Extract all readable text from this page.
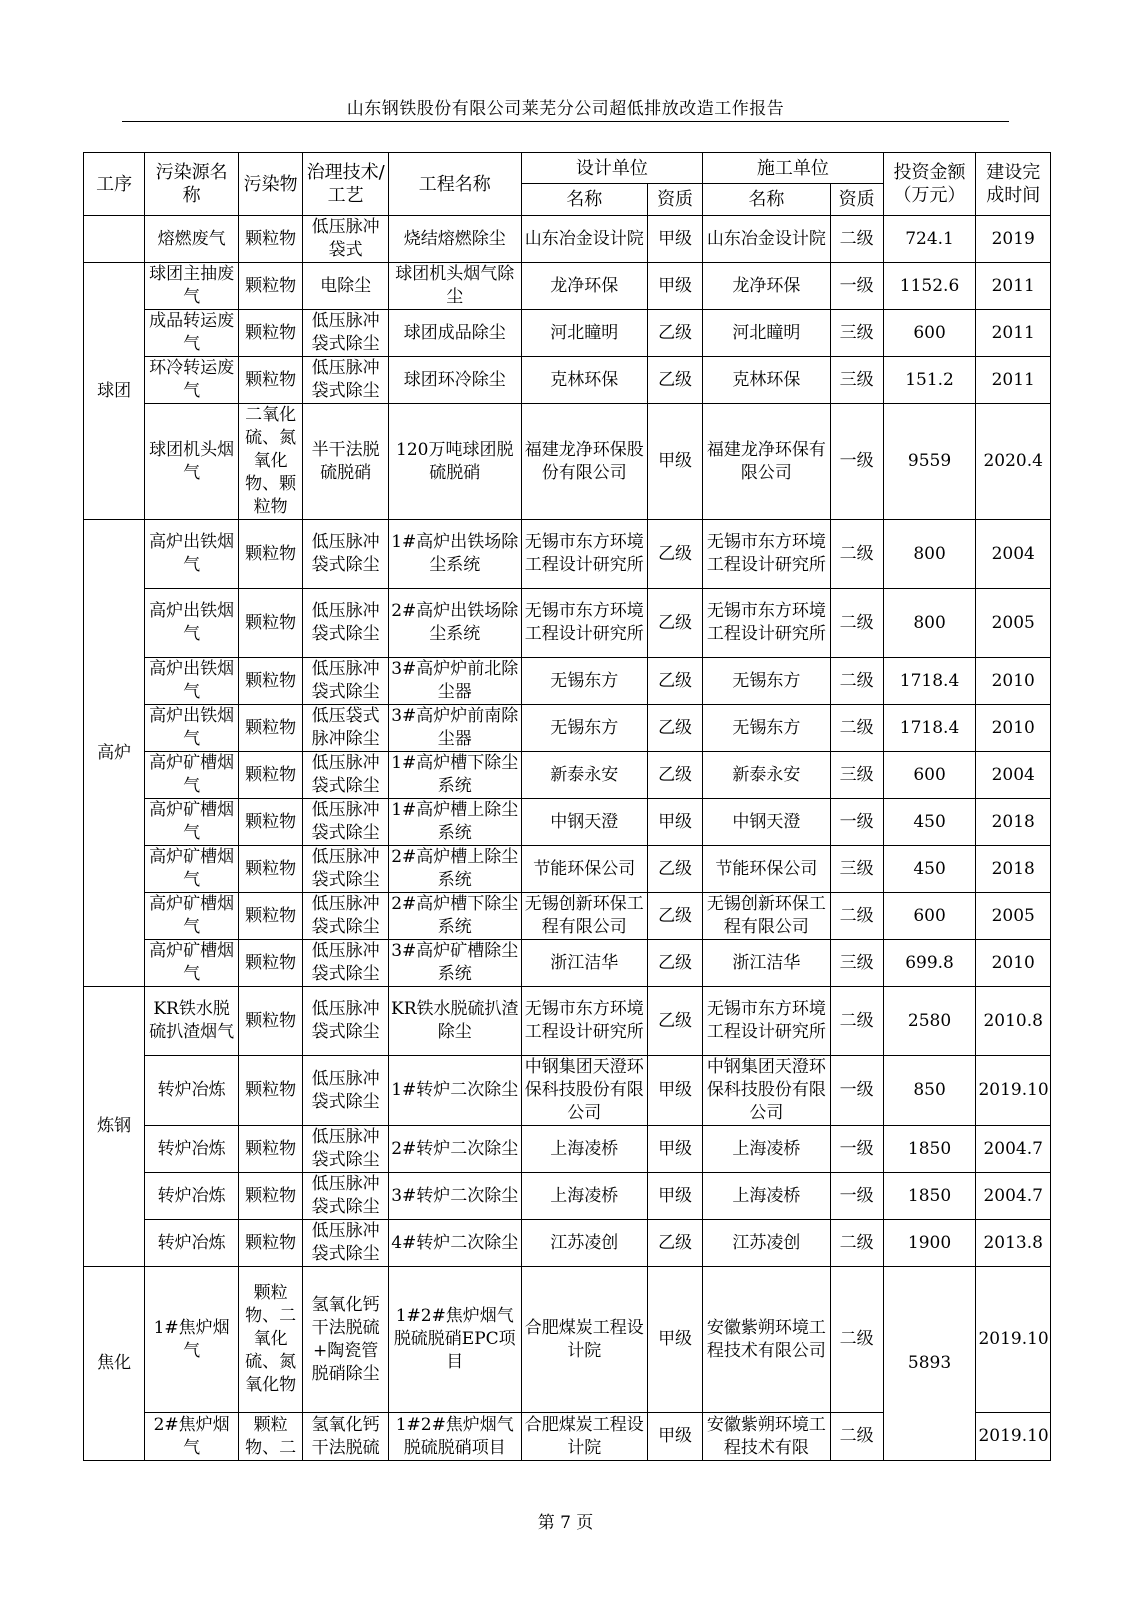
山东钢铁股份有限公司莱芜分公司超低排放改造工作报告
工序	污染源名称	污染物	治理技术/工艺	工程名称	设计单位		施工单位		投资金额（万元）	建设完成时间
					名称	资质	名称	资质		
	熔燃废气	颗粒物	低压脉冲袋式	烧结熔燃除尘	山东冶金设计院	甲级	山东冶金设计院	二级	724.1	2019
球团	球团主抽废气	颗粒物	电除尘	球团机头烟气除尘	龙净环保	甲级	龙净环保	一级	1152.6	2011
	成品转运废气	颗粒物	低压脉冲袋式除尘	球团成品除尘	河北瞳明	乙级	河北瞳明	三级	600	2011
	环冷转运废气	颗粒物	低压脉冲袋式除尘	球团环冷除尘	克林环保	乙级	克林环保	三级	151.2	2011
	球团机头烟气	二氧化硫、氮氧化物、颗粒物	半干法脱硫脱硝	120万吨球团脱硫脱硝	福建龙净环保股份有限公司	甲级	福建龙净环保有限公司	一级	9559	2020.4
高炉	高炉出铁烟气	颗粒物	低压脉冲袋式除尘	1#高炉出铁场除尘系统	无锡市东方环境工程设计研究所	乙级	无锡市东方环境工程设计研究所	二级	800	2004
	高炉出铁烟气	颗粒物	低压脉冲袋式除尘	2#高炉出铁场除尘系统	无锡市东方环境工程设计研究所	乙级	无锡市东方环境工程设计研究所	二级	800	2005
	高炉出铁烟气	颗粒物	低压脉冲袋式除尘	3#高炉炉前北除尘器	无锡东方	乙级	无锡东方	二级	1718.4	2010
	高炉出铁烟气	颗粒物	低压袋式脉冲除尘	3#高炉炉前南除尘器	无锡东方	乙级	无锡东方	二级	1718.4	2010
	高炉矿槽烟气	颗粒物	低压脉冲袋式除尘	1#高炉槽下除尘系统	新泰永安	乙级	新泰永安	三级	600	2004
	高炉矿槽烟气	颗粒物	低压脉冲袋式除尘	1#高炉槽上除尘系统	中钢天澄	甲级	中钢天澄	一级	450	2018
	高炉矿槽烟气	颗粒物	低压脉冲袋式除尘	2#高炉槽上除尘系统	节能环保公司	乙级	节能环保公司	三级	450	2018
	高炉矿槽烟气	颗粒物	低压脉冲袋式除尘	2#高炉槽下除尘系统	无锡创新环保工程有限公司	乙级	无锡创新环保工程有限公司	二级	600	2005
	高炉矿槽烟气	颗粒物	低压脉冲袋式除尘	3#高炉矿槽除尘系统	浙江洁华	乙级	浙江洁华	三级	699.8	2010
炼钢	KR铁水脱硫扒渣烟气	颗粒物	低压脉冲袋式除尘	KR铁水脱硫扒渣除尘	无锡市东方环境工程设计研究所	乙级	无锡市东方环境工程设计研究所	二级	2580	2010.8
	转炉冶炼	颗粒物	低压脉冲袋式除尘	1#转炉二次除尘	中钢集团天澄环保科技股份有限公司	甲级	中钢集团天澄环保科技股份有限公司	一级	850	2019.10
	转炉冶炼	颗粒物	低压脉冲袋式除尘	2#转炉二次除尘	上海凌桥	甲级	上海凌桥	一级	1850	2004.7
	转炉冶炼	颗粒物	低压脉冲袋式除尘	3#转炉二次除尘	上海凌桥	甲级	上海凌桥	一级	1850	2004.7
	转炉冶炼	颗粒物	低压脉冲袋式除尘	4#转炉二次除尘	江苏凌创	乙级	江苏凌创	二级	1900	2013.8
焦化	1#焦炉烟气	颗粒物、二氧化硫、氮氧化物	氢氧化钙干法脱硫+陶瓷管脱硝除尘	1#2#焦炉烟气脱硫脱硝EPC项目	合肥煤炭工程设计院	甲级	安徽紫朔环境工程技术有限公司	二级	5893	2019.10
	2#焦炉烟气	颗粒物、二	氢氧化钙干法脱硫	1#2#焦炉烟气脱硫脱硝项目	合肥煤炭工程设计院	甲级	安徽紫朔环境工程技术有限	二级		2019.10
第 7 页
